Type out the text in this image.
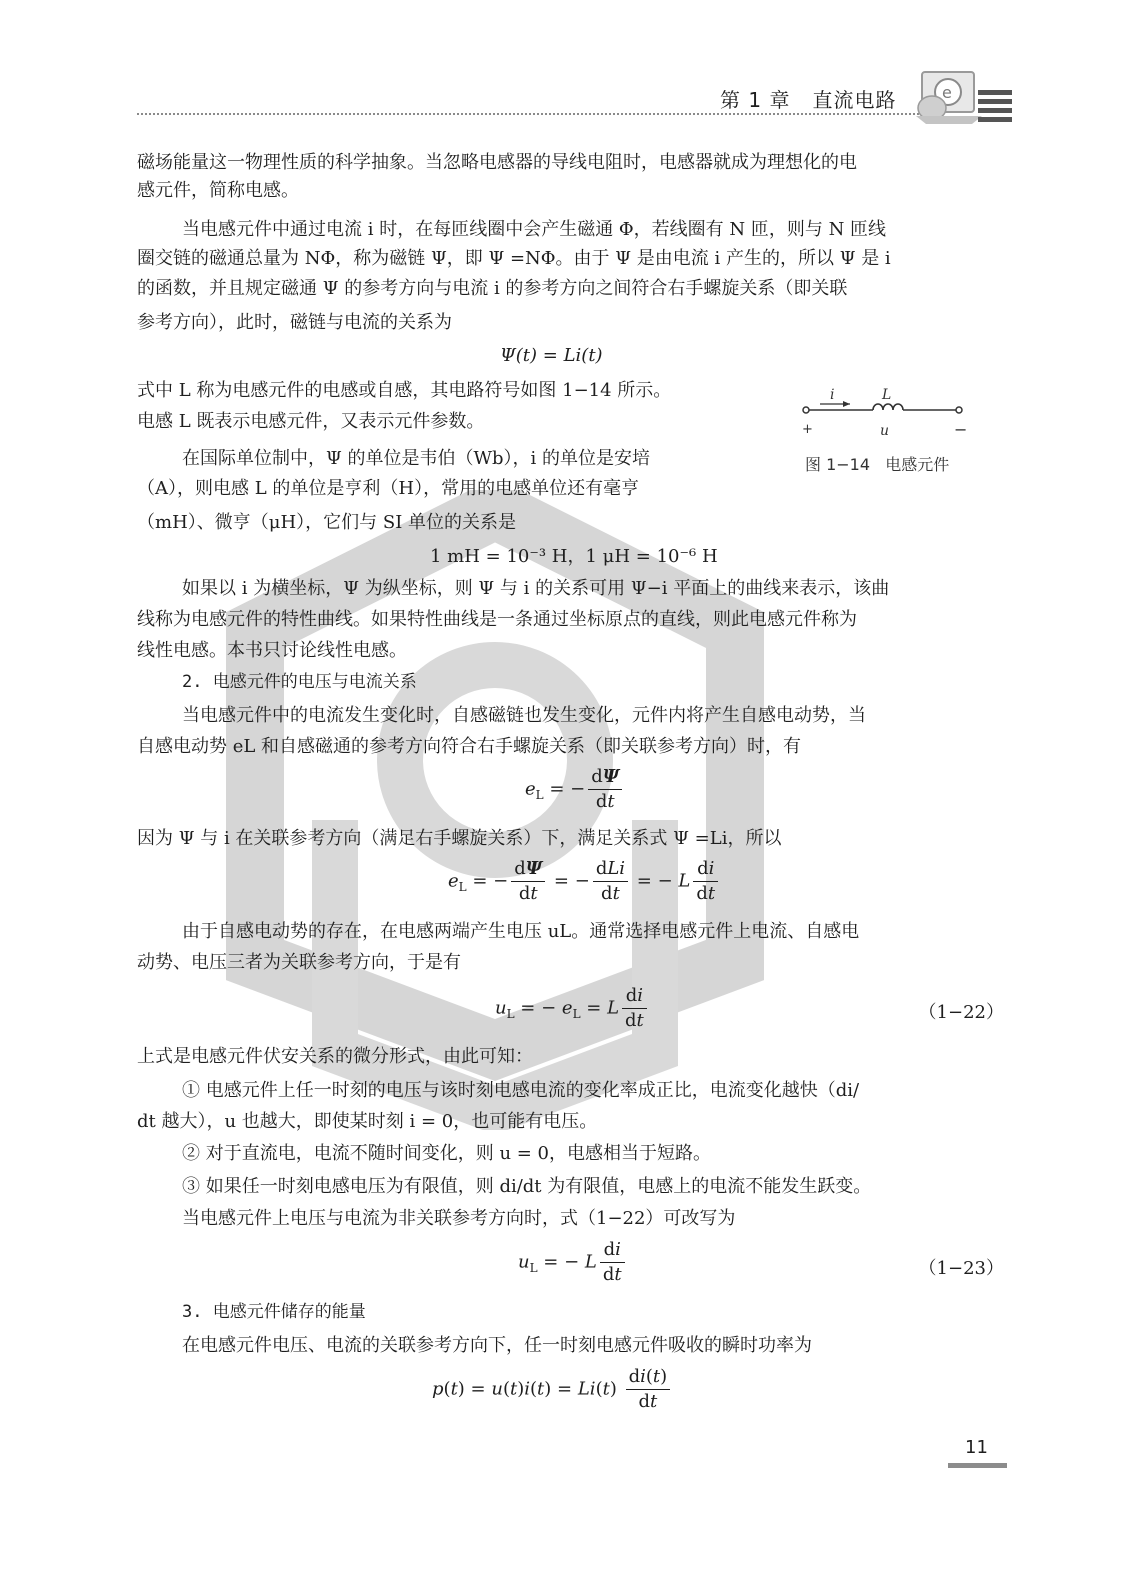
第 1 章   直流电路	e
磁场能量这一物理性质的科学抽象。当忽略电感器的导线电阻时，电感器就成为理想化的电
感元件，简称电感。
当电感元件中通过电流 i 时，在每匝线圈中会产生磁通 Φ，若线圈有 N 匝，则与 N 匝线
圈交链的磁通总量为 NΦ，称为磁链 Ψ，即 Ψ =NΦ。由于 Ψ 是由电流 i 产生的，所以 Ψ 是 i
的函数，并且规定磁通 Ψ 的参考方向与电流 i 的参考方向之间符合右手螺旋关系（即关联
参考方向），此时，磁链与电流的关系为
Ψ(t) = Li(t)
式中 L 称为电感元件的电感或自感，其电路符号如图 1−14 所示。
电感 L 既表示电感元件，又表示元件参数。
在国际单位制中，Ψ 的单位是韦伯（Wb），i 的单位是安培
（A），则电感 L 的单位是亨利（H），常用的电感单位还有毫亨
（mH）、微亨（μH），它们与 SI 单位的关系是
i	L
+	u	−
图 1−14   电感元件
1 mH = 10⁻³ H，1 μH = 10⁻⁶ H
如果以 i 为横坐标，Ψ 为纵坐标，则 Ψ 与 i 的关系可用 Ψ−i 平面上的曲线来表示，该曲
线称为电感元件的特性曲线。如果特性曲线是一条通过坐标原点的直线，则此电感元件称为
线性电感。本书只讨论线性电感。
2. 电感元件的电压与电流关系
当电感元件中的电流发生变化时，自感磁链也发生变化，元件内将产生自感电动势，当
自感电动势 eL 和自感磁通的参考方向符合右手螺旋关系（即关联参考方向）时，有
$e_L$ = − $\frac{d\Psi}{dt}$
因为 Ψ 与 i 在关联参考方向（满足右手螺旋关系）下，满足关系式 Ψ =Li，所以
$e_L$ = − $\frac{d\Psi}{dt}$ = − $\frac{\text{dLi}}{dt}$ = − L $\frac{di}{dt}$
由于自感电动势的存在，在电感两端产生电压 uL。通常选择电感元件上电流、自感电
动势、电压三者为关联参考方向，于是有
$u_L$ = − $e_L = L \frac{di}{dt}$	（1−22）
上式是电感元件伏安关系的微分形式，由此可知：
① 电感元件上任一时刻的电压与该时刻电感电流的变化率成正比，电流变化越快（di/
dt 越大），u 也越大，即使某时刻 i = 0，也可能有电压。
② 对于直流电，电流不随时间变化，则 u = 0，电感相当于短路。
③ 如果任一时刻电感电压为有限值，则 di/dt 为有限值，电感上的电流不能发生跃变。
当电感元件上电压与电流为非关联参考方向时，式（1−22）可改写为
$u_L$ = − L $\frac{di}{dt}$	（1−23）
3. 电感元件储存的能量
在电感元件电压、电流的关联参考方向下，任一时刻电感元件吸收的瞬时功率为
$p(t) = u(t)i(t) = Li(t) \frac{di(t)}{dt}$
11
